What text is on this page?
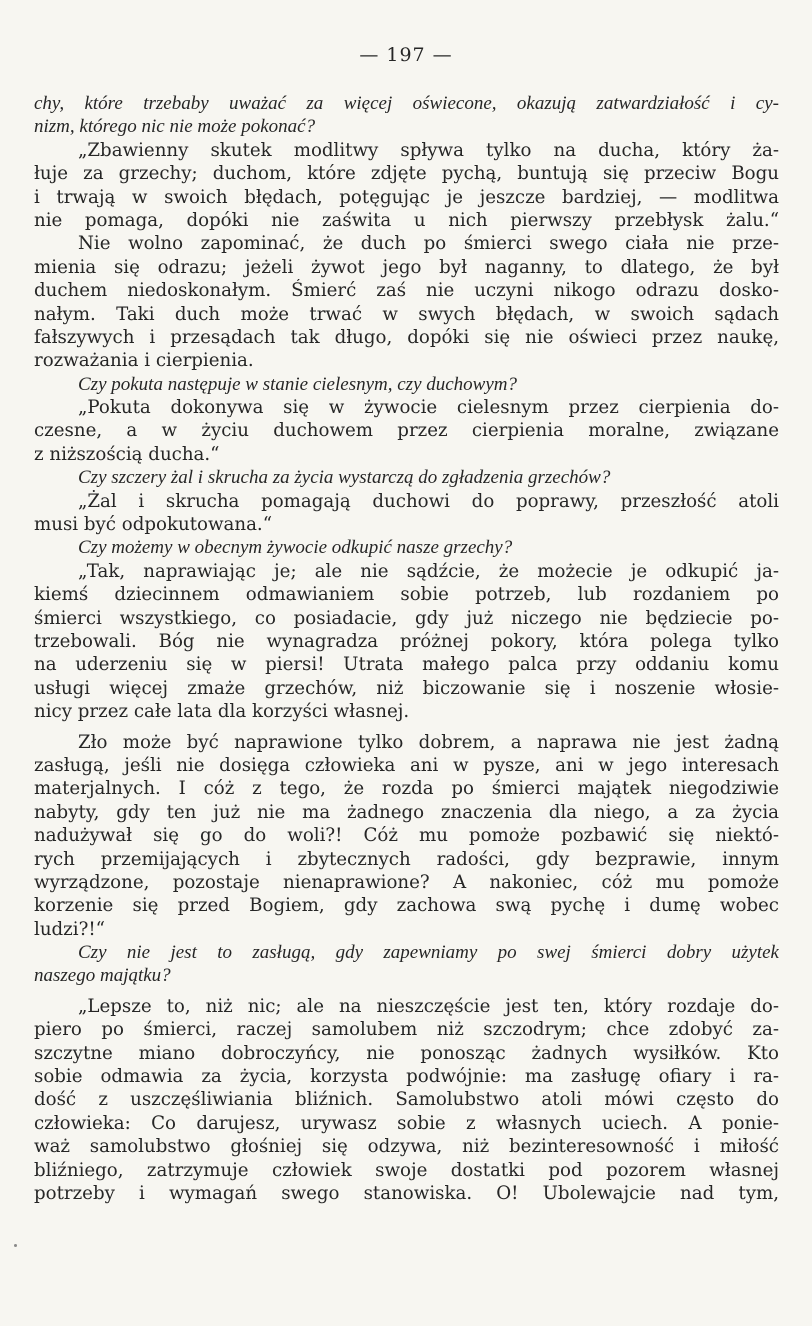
— 197 —
chy, które trzebaby uważać za więcej oświecone, okazują zatwardziałość i cy-
nizm, którego nic nie może pokonać?
„Zbawienny skutek modlitwy spływa tylko na ducha, który ża-
łuje za grzechy; duchom, które zdjęte pychą, buntują się przeciw Bogu
i trwają w swoich błędach, potęgując je jeszcze bardziej, — modlitwa
nie pomaga, dopóki nie zaświta u nich pierwszy przebłysk żalu.“
Nie wolno zapominać, że duch po śmierci swego ciała nie prze-
mienia się odrazu; jeżeli żywot jego był naganny, to dlatego, że był
duchem niedoskonałym. Śmierć zaś nie uczyni nikogo odrazu dosko-
nałym. Taki duch może trwać w swych błędach, w swoich sądach
fałszywych i przesądach tak długo, dopóki się nie oświeci przez naukę,
rozważania i cierpienia.
Czy pokuta następuje w stanie cielesnym, czy duchowym?
„Pokuta dokonywa się w żywocie cielesnym przez cierpienia do-
czesne, a w życiu duchowem przez cierpienia moralne, związane
z niższością ducha.“
Czy szczery żal i skrucha za życia wystarczą do zgładzenia grzechów?
„Żal i skrucha pomagają duchowi do poprawy, przeszłość atoli
musi być odpokutowana.“
Czy możemy w obecnym żywocie odkupić nasze grzechy?
„Tak, naprawiając je; ale nie sądźcie, że możecie je odkupić ja-
kiemś dziecinnem odmawianiem sobie potrzeb, lub rozdaniem po
śmierci wszystkiego, co posiadacie, gdy już niczego nie będziecie po-
trzebowali. Bóg nie wynagradza próżnej pokory, która polega tylko
na uderzeniu się w piersi! Utrata małego palca przy oddaniu komu
usługi więcej zmaże grzechów, niż biczowanie się i noszenie włosie-
nicy przez całe lata dla korzyści własnej.
Zło może być naprawione tylko dobrem, a naprawa nie jest żadną
zasługą, jeśli nie dosięga człowieka ani w pysze, ani w jego interesach
materjalnych. I cóż z tego, że rozda po śmierci majątek niegodziwie
nabyty, gdy ten już nie ma żadnego znaczenia dla niego, a za życia
nadużywał się go do woli?! Cóż mu pomoże pozbawić się niektó-
rych przemijających i zbytecznych radości, gdy bezprawie, innym
wyrządzone, pozostaje nienaprawione? A nakoniec, cóż mu pomoże
korzenie się przed Bogiem, gdy zachowa swą pychę i dumę wobec
ludzi?!“
Czy nie jest to zasługą, gdy zapewniamy po swej śmierci dobry użytek
naszego majątku?
„Lepsze to, niż nic; ale na nieszczęście jest ten, który rozdaje do-
piero po śmierci, raczej samolubem niż szczodrym; chce zdobyć za-
szczytne miano dobroczyńcy, nie ponosząc żadnych wysiłków. Kto
sobie odmawia za życia, korzysta podwójnie: ma zasługę ofiary i ra-
dość z uszczęśliwiania bliźnich. Samolubstwo atoli mówi często do
człowieka: Co darujesz, urywasz sobie z własnych uciech. A ponie-
waż samolubstwo głośniej się odzywa, niż bezinteresowność i miłość
bliźniego, zatrzymuje człowiek swoje dostatki pod pozorem własnej
potrzeby i wymagań swego stanowiska. O! Ubolewajcie nad tym,
